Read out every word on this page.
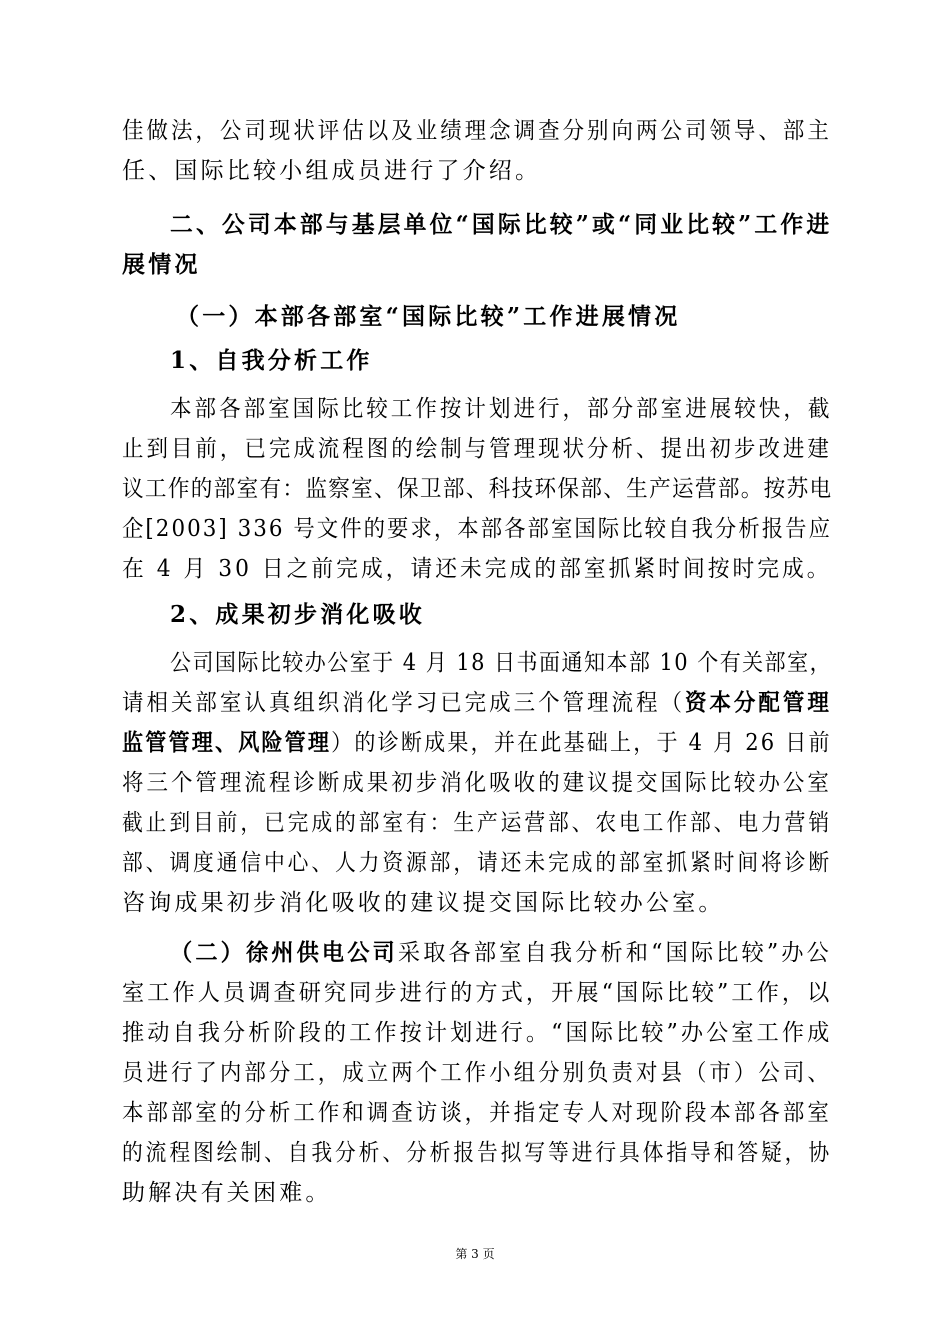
佳做法，公司现状评估以及业绩理念调查分别向两公司领导、部主
任、国际比较小组成员进行了介绍。
二、公司本部与基层单位“国际比较”或“同业比较”工作进
展情况
（一）本部各部室“国际比较”工作进展情况
1、自我分析工作
本部各部室国际比较工作按计划进行，部分部室进展较快，截
止到目前，已完成流程图的绘制与管理现状分析、提出初步改进建
议工作的部室有：监察室、保卫部、科技环保部、生产运营部。按苏电
企[2003] 336 号文件的要求，本部各部室国际比较自我分析报告应
在 4 月 30 日之前完成，请还未完成的部室抓紧时间按时完成。
2、成果初步消化吸收
公司国际比较办公室于 4 月 18 日书面通知本部 10 个有关部室，
请相关部室认真组织消化学习已完成三个管理流程（资本分配管理
监管管理、风险管理）的诊断成果，并在此基础上，于 4 月 26 日前
将三个管理流程诊断成果初步消化吸收的建议提交国际比较办公室
截止到目前，已完成的部室有：生产运营部、农电工作部、电力营销
部、调度通信中心、人力资源部，请还未完成的部室抓紧时间将诊断
咨询成果初步消化吸收的建议提交国际比较办公室。
（二）徐州供电公司采取各部室自我分析和“国际比较”办公
室工作人员调查研究同步进行的方式，开展“国际比较”工作，以
推动自我分析阶段的工作按计划进行。“国际比较”办公室工作成
员进行了内部分工，成立两个工作小组分别负责对县（市）公司、
本部部室的分析工作和调查访谈，并指定专人对现阶段本部各部室
的流程图绘制、自我分析、分析报告拟写等进行具体指导和答疑，协
助解决有关困难。
第 3 页
